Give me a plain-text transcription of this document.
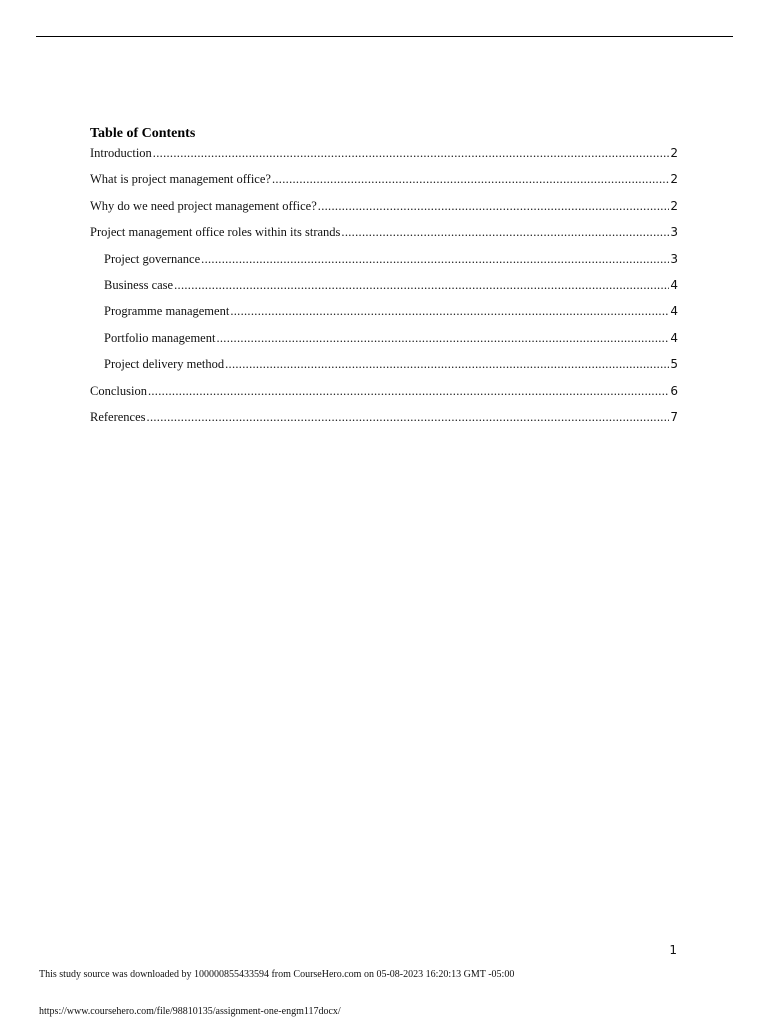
Table of Contents
Introduction .....	2
What is project management office? .....	2
Why do we need project management office? .....	2
Project management office roles within its strands .....	3
Project governance .....	3
Business case .....	4
Programme management .....	4
Portfolio management .....	4
Project delivery method .....	5
Conclusion .....	6
References .....	7
1
This study source was downloaded by 100000855433594 from CourseHero.com on 05-08-2023 16:20:13 GMT -05:00
https://www.coursehero.com/file/98810135/assignment-one-engm117docx/
